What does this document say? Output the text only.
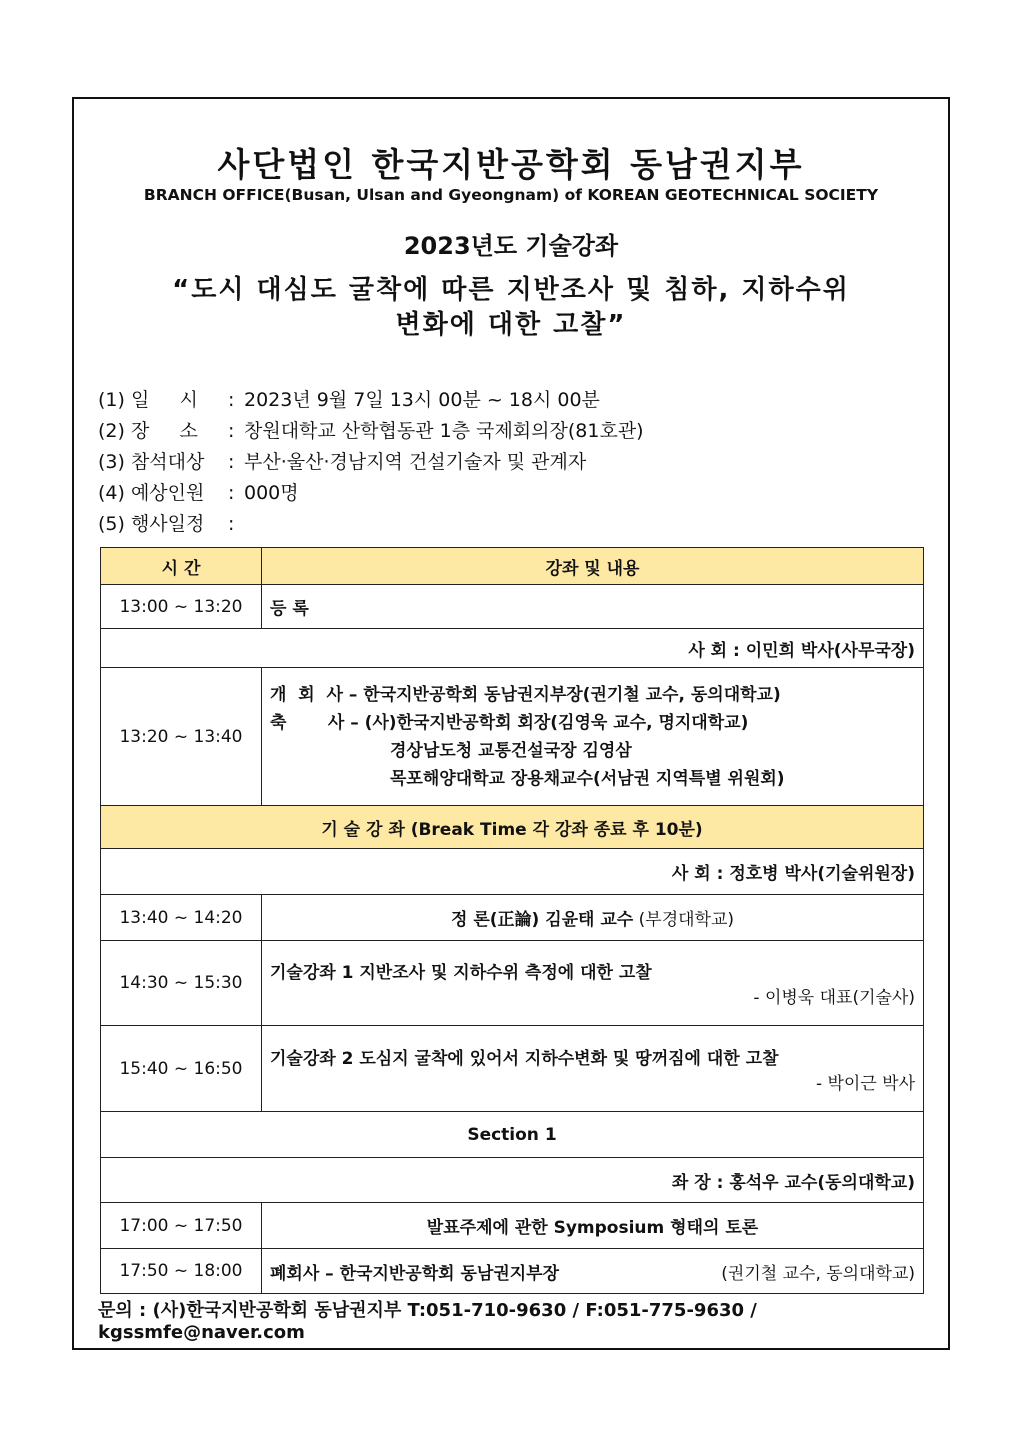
사단법인 한국지반공학회 동남권지부
BRANCH OFFICE(Busan, Ulsan and Gyeongnam) of KOREAN GEOTECHNICAL SOCIETY
2023년도 기술강좌
“도시 대심도 굴착에 따른 지반조사 및 침하, 지하수위
변화에 대한 고찰”
(1) 일     시 : 2023년 9월 7일 13시 00분 ~ 18시 00분
(2) 장     소 : 창원대학교 산학협동관 1층 국제회의장(81호관)
(3) 참석대상 : 부산·울산·경남지역 건설기술자 및 관계자
(4) 예상인원 : 000명
(5) 행사일정 :
시 간	강좌 및 내용
13:00 ~ 13:20	등 록
사 회 : 이민희 박사(사무국장)	
13:20 ~ 13:40	개  회  사 – 한국지반공학회 동남권지부장(권기철 교수, 동의대학교)
축       사 – (사)한국지반공학회 회장(김영욱 교수, 명지대학교)
경상남도청 교통건설국장 김영삼
목포해양대학교 장용채교수(서남권 지역특별 위원회)

기 술 강 좌 (Break Time 각 강좌 종료 후 10분)	
사 회 : 정호병 박사(기술위원장)	
13:40 ~ 14:20	정 론(正論) 김윤태 교수 (부경대학교)
14:30 ~ 15:30	기술강좌 1 지반조사 및 지하수위 측정에 대한 고찰
- 이병욱 대표(기술사)

15:40 ~ 16:50	기술강좌 2 도심지 굴착에 있어서 지하수변화 및 땅꺼짐에 대한 고찰
- 박이근 박사

Section 1	
좌 장 : 홍석우 교수(동의대학교)	
17:00 ~ 17:50	발표주제에 관한 Symposium 형태의 토론
17:50 ~ 18:00	폐회사 – 한국지반공학회 동남권지부장 (권기철 교수, 동의대학교)
문의 : (사)한국지반공학회 동남권지부 T:051-710-9630 / F:051-775-9630 / kgssmfe@naver.com
